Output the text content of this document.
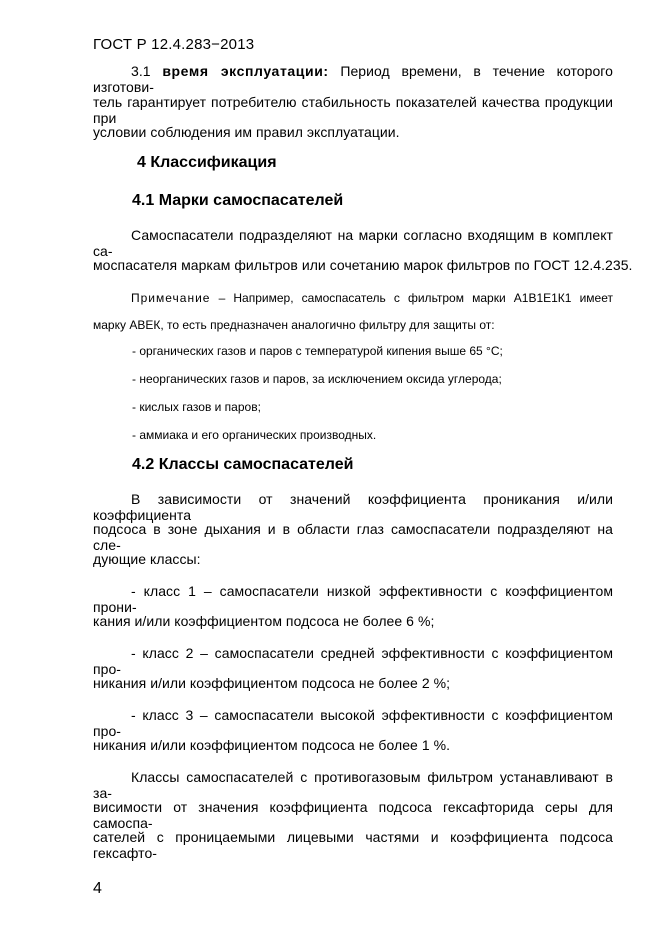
ГОСТ Р 12.4.283−2013
3.1 время эксплуатации: Период времени, в течение которого изготови-
тель гарантирует потребителю стабильность показателей качества продукции при
условии соблюдения им правил эксплуатации.
4 Классификация
4.1 Марки самоспасателей
Самоспасатели подразделяют на марки согласно входящим в комплект са-
моспасателя маркам фильтров или сочетанию марок фильтров по ГОСТ 12.4.235.
Примечание – Например, самоспасатель с фильтром марки А1В1Е1К1 имеет
марку АВЕК, то есть предназначен аналогично фильтру для защиты от:
- органических газов и паров с температурой кипения выше 65 °С;
- неорганических газов и паров, за исключением оксида углерода;
- кислых газов и паров;
- аммиака и его органических производных.
4.2 Классы самоспасателей
В зависимости от значений коэффициента проникания и/или коэффициента
подсоса в зоне дыхания и в области глаз самоспасатели подразделяют на сле-
дующие классы:
- класс 1 – самоспасатели низкой эффективности с коэффициентом прони-
кания и/или коэффициентом подсоса не более 6 %;
- класс 2 – самоспасатели средней эффективности с коэффициентом про-
никания и/или коэффициентом подсоса не более 2 %;
- класс 3 – самоспасатели высокой эффективности с коэффициентом про-
никания и/или коэффициентом подсоса не более 1 %.
Классы самоспасателей с противогазовым фильтром устанавливают в за-
висимости от значения коэффициента подсоса гексафторида серы для самоспа-
сателей с проницаемыми лицевыми частями и коэффициента подсоса гексафто-
4
